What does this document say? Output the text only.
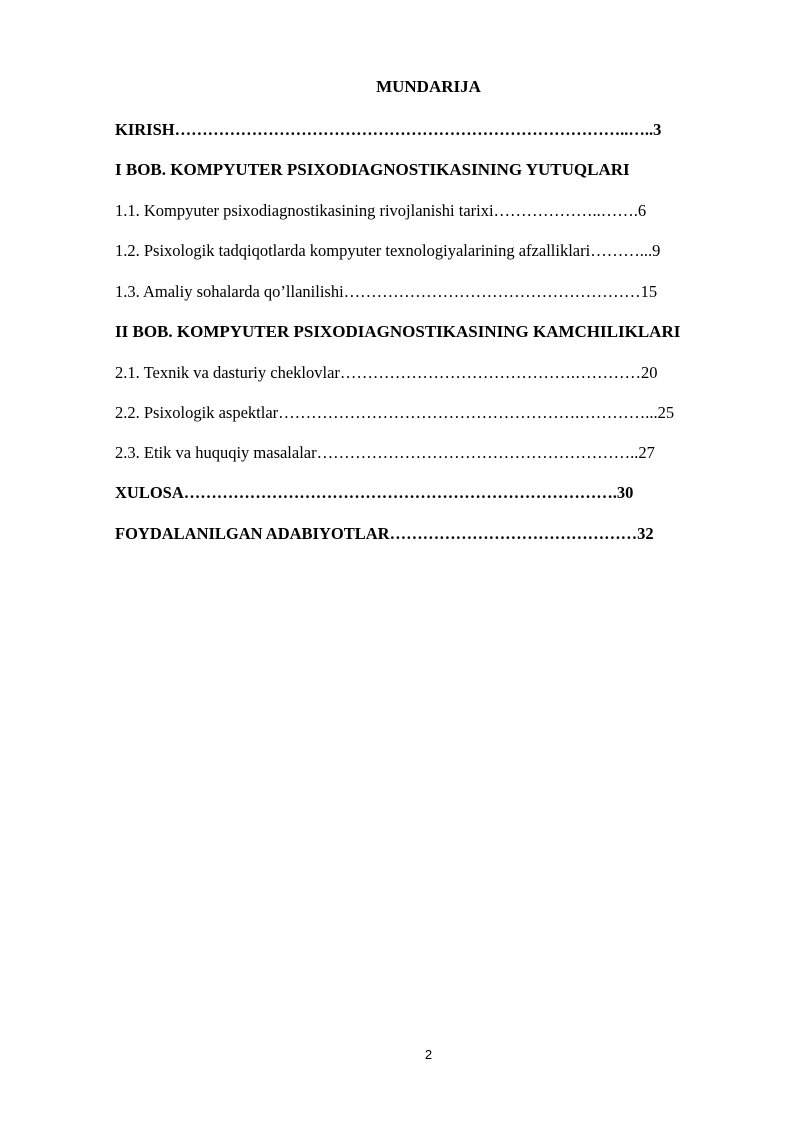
MUNDARIJA
KIRISH………………………………………………………………………..…..3
I BOB. KOMPYUTER PSIXODIAGNOSTIKASINING YUTUQLARI
1.1. Kompyuter psixodiagnostikasining rivojlanishi tarixi………………..…….6
1.2. Psixologik tadqiqotlarda kompyuter texnologiyalarining afzalliklari………...9
1.3. Amaliy sohalarda qo’llanilishi………………………………………………15
II BOB. KOMPYUTER PSIXODIAGNOSTIKASINING KAMCHILIKLARI
2.1. Texnik va dasturiy cheklovlar…………………………………….…………20
2.2. Psixologik aspektlar……………………………………………….…………...25
2.3. Etik va huquqiy masalalar…………………………………………………..27
XULOSA…………………………………………………………………….30
FOYDALANILGAN ADABIYOTLAR………………………………………32
2
